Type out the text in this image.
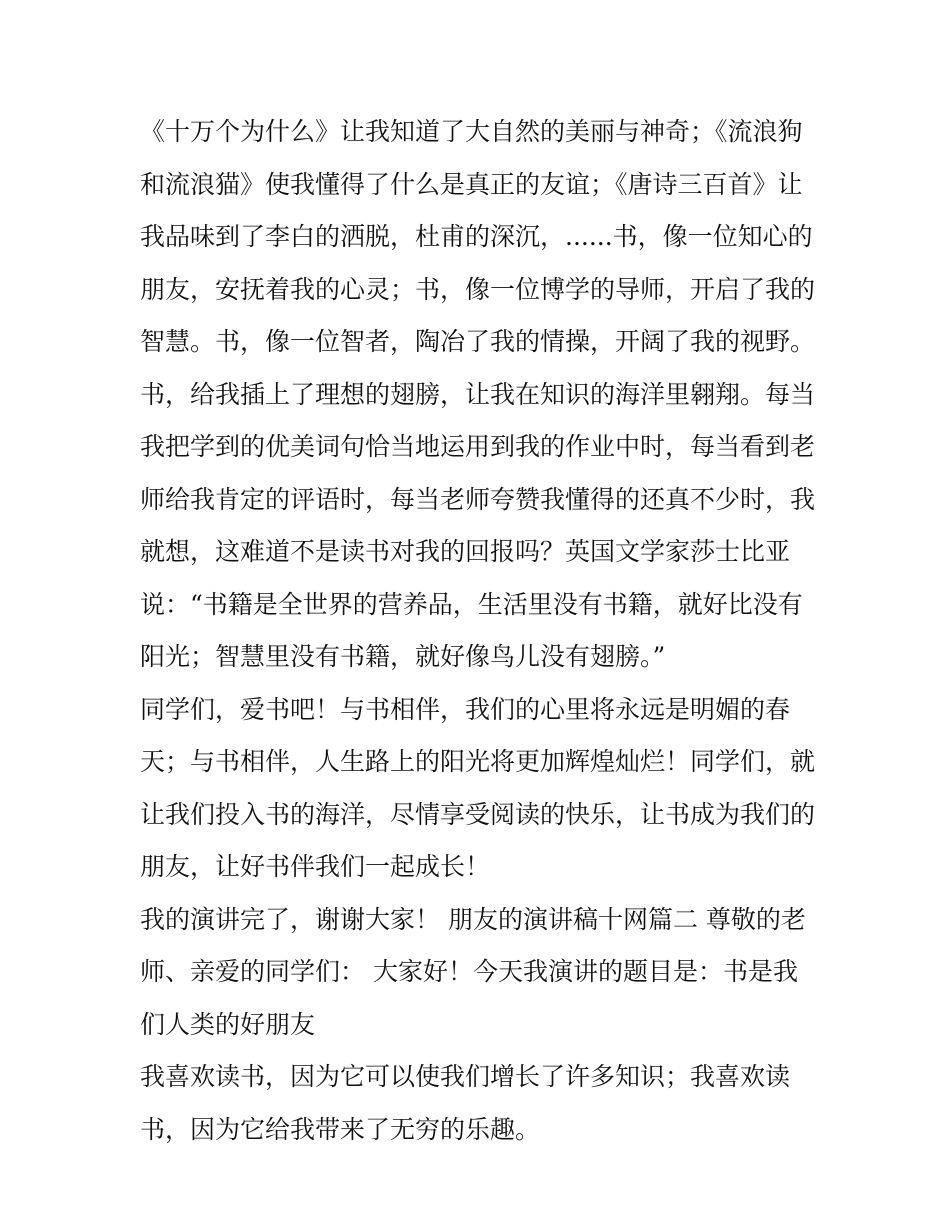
《十万个为什么》让我知道了大自然的美丽与神奇；《流浪狗
和流浪猫》使我懂得了什么是真正的友谊；《唐诗三百首》让
我品味到了李白的洒脱，杜甫的深沉，......书，像一位知心的
朋友，安抚着我的心灵；书，像一位博学的导师，开启了我的
智慧。书，像一位智者，陶冶了我的情操，开阔了我的视野。
书，给我插上了理想的翅膀，让我在知识的海洋里翱翔。每当
我把学到的优美词句恰当地运用到我的作业中时，每当看到老
师给我肯定的评语时，每当老师夸赞我懂得的还真不少时，我
就想，这难道不是读书对我的回报吗？英国文学家莎士比亚
说：“书籍是全世界的营养品，生活里没有书籍，就好比没有
阳光；智慧里没有书籍，就好像鸟儿没有翅膀。”
同学们，爱书吧！与书相伴，我们的心里将永远是明媚的春
天；与书相伴，人生路上的阳光将更加辉煌灿烂！同学们，就
让我们投入书的海洋，尽情享受阅读的快乐，让书成为我们的
朋友，让好书伴我们一起成长！
我的演讲完了，谢谢大家！ 朋友的演讲稿十网篇二 尊敬的老
师、亲爱的同学们： 大家好！今天我演讲的题目是：书是我
们人类的好朋友
我喜欢读书，因为它可以使我们增长了许多知识；我喜欢读
书，因为它给我带来了无穷的乐趣。
